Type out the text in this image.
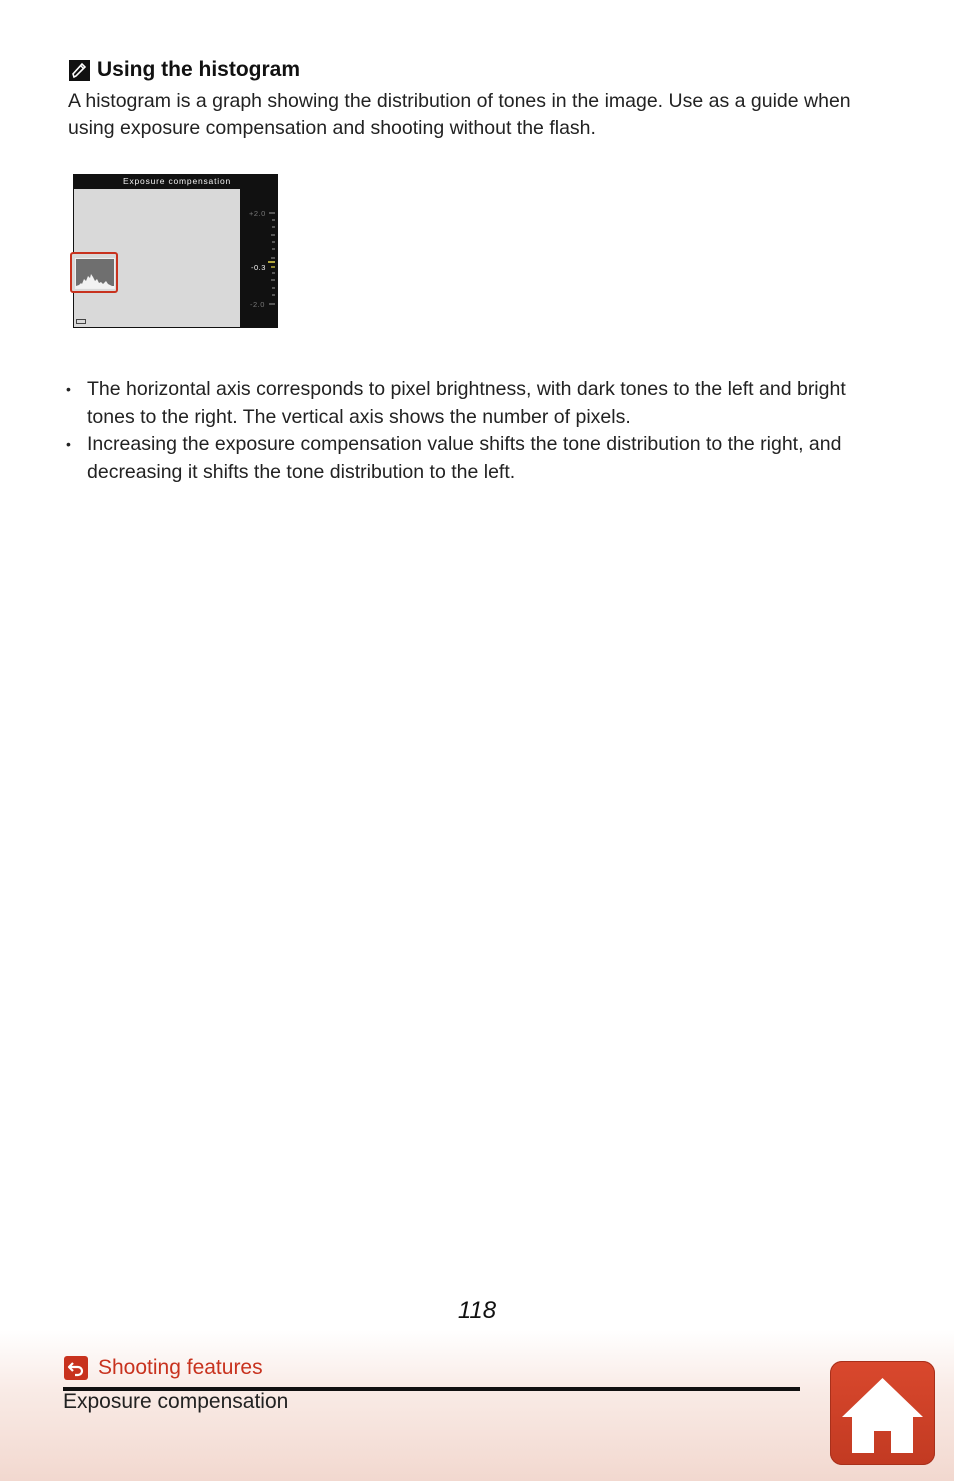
Using the histogram
A histogram is a graph showing the distribution of tones in the image. Use as a guide when using exposure compensation and shooting without the flash.
Exposure compensation
+2.0
-0.3
-2.0
• The horizontal axis corresponds to pixel brightness, with dark tones to the left and bright tones to the right. The vertical axis shows the number of pixels.
• Increasing the exposure compensation value shifts the tone distribution to the right, and decreasing it shifts the tone distribution to the left.
118
Shooting features
Exposure compensation
